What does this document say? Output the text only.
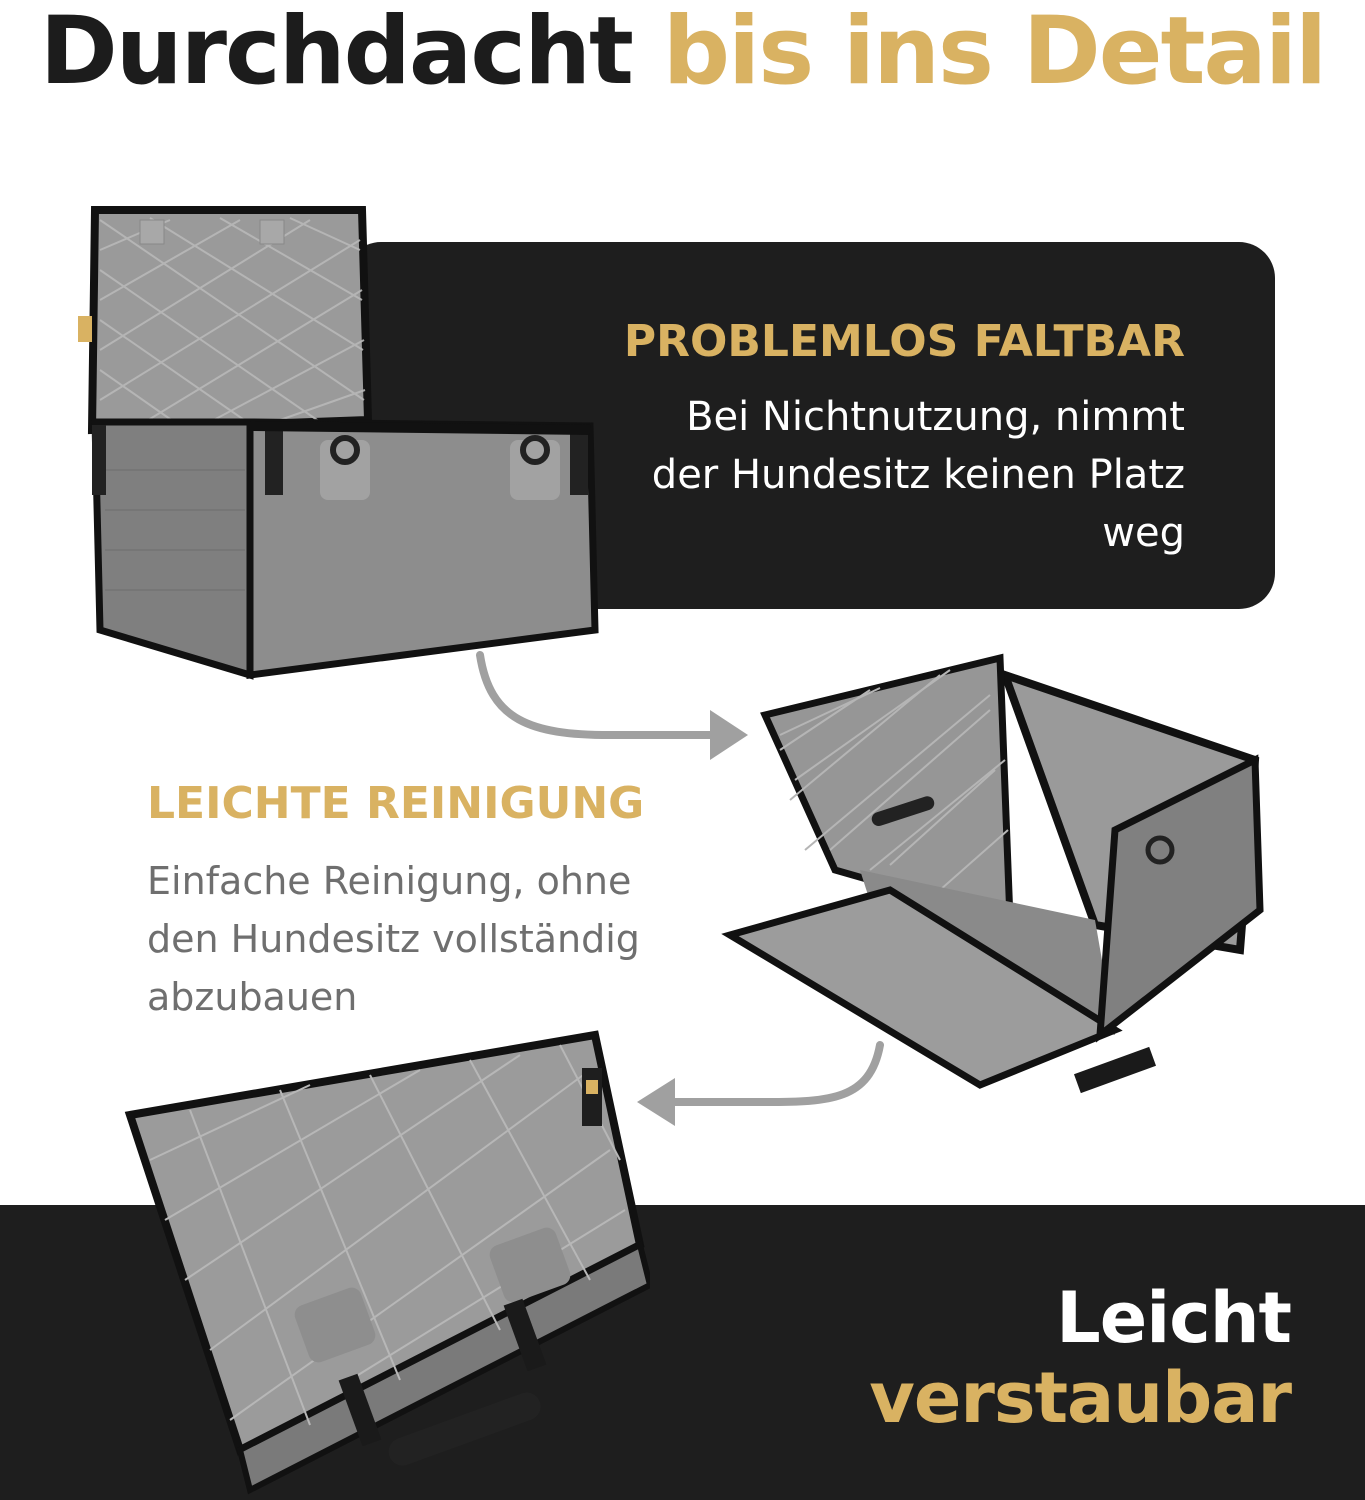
Durchdacht bis ins Detail
PROBLEMLOS FALTBAR
Bei Nichtnutzung, nimmt der Hundesitz keinen Platz weg
LEICHTE REINIGUNG
Einfache Reinigung, ohne den Hundesitz vollständig abzubauen
Leicht
verstaubar
